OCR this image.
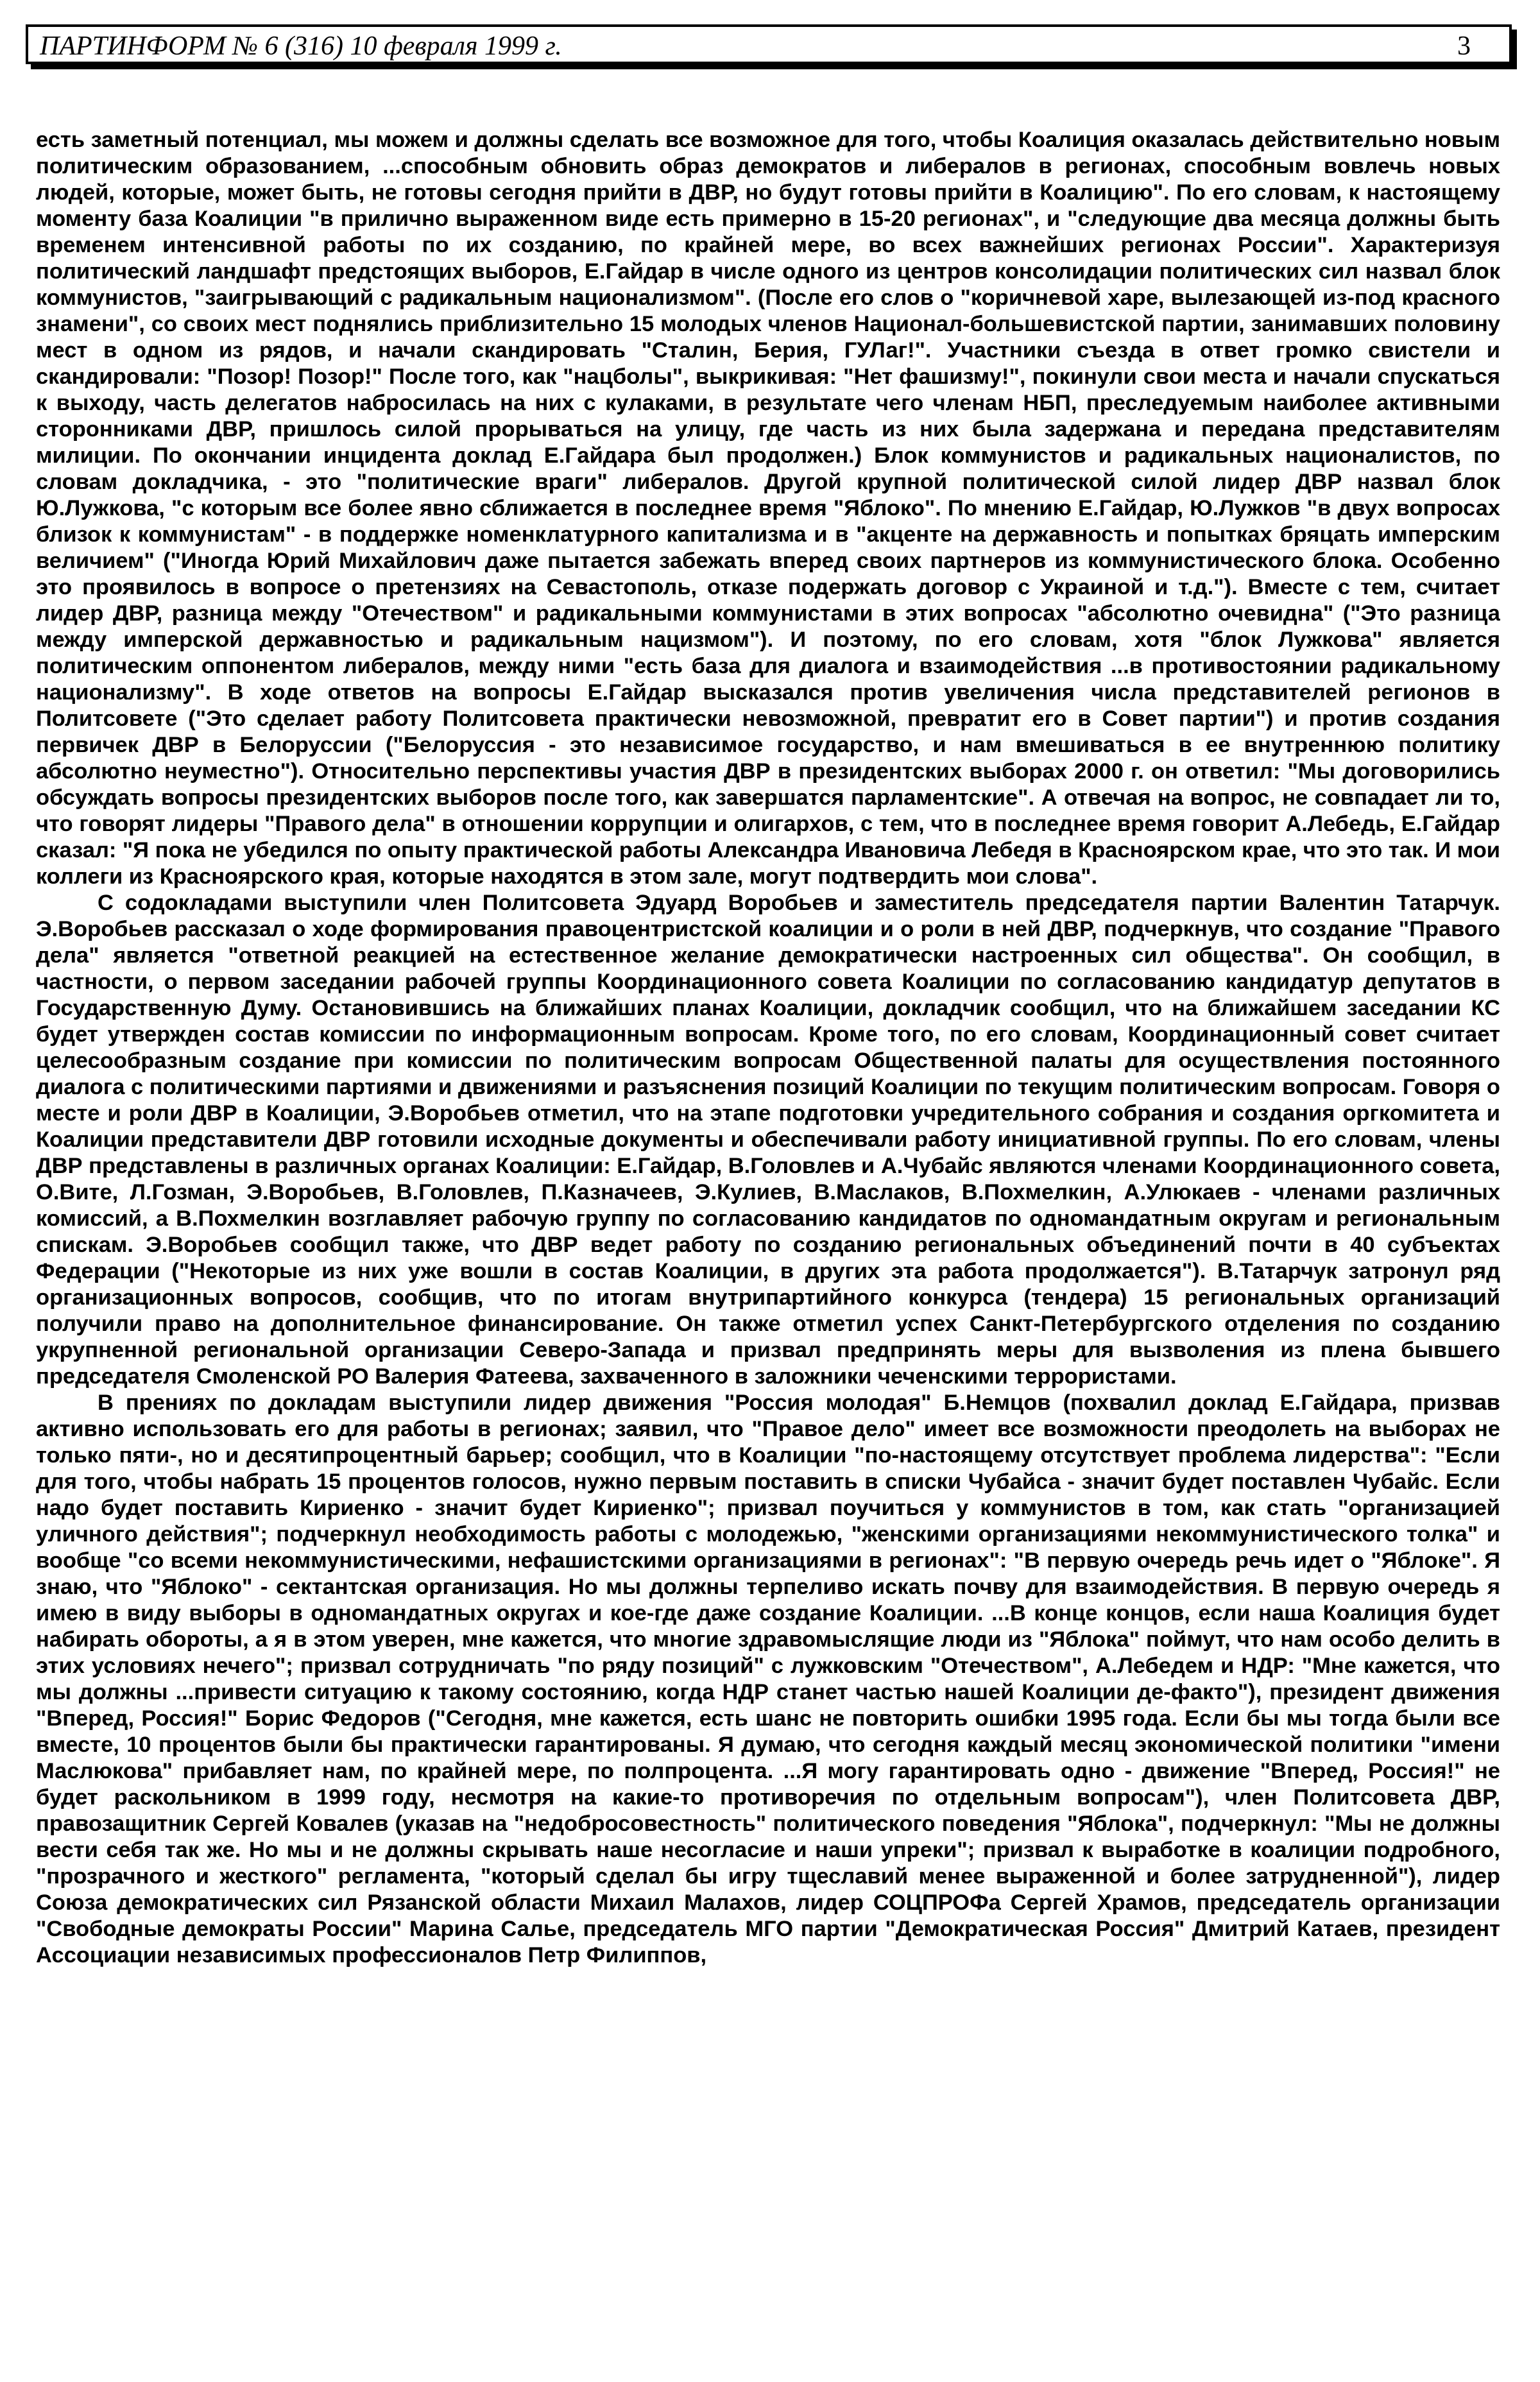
ПАРТИНФОРМ № 6 (316) 10 февраля 1999 г.	3

есть заметный потенциал, мы можем и должны сделать все возможное для того, чтобы Коалиция оказалась действительно новым политическим образованием, ...способным обновить образ демократов и либералов в регионах, способным вовлечь новых людей, которые, может быть, не готовы сегодня прийти в ДВР, но будут готовы прийти в Коалицию". По его словам, к настоящему моменту база Коалиции "в прилично выраженном виде есть примерно в 15-20 регионах", и "следующие два месяца должны быть временем интенсивной работы по их созданию, по крайней мере, во всех важнейших регионах России". Характеризуя политический ландшафт предстоящих выборов, Е.Гайдар в числе одного из центров консолидации политических сил назвал блок коммунистов, "заигрывающий с радикальным национализмом". (После его слов о "коричневой харе, вылезающей из-под красного знамени", со своих мест поднялись приблизительно 15 молодых членов Национал-большевистской партии, занимавших половину мест в одном из рядов, и начали скандировать "Сталин, Берия, ГУЛаг!". Участники съезда в ответ громко свистели и скандировали: "Позор! Позор!" После того, как "нацболы", выкрикивая: "Нет фашизму!", покинули свои места и начали спускаться к выходу, часть делегатов набросилась на них с кулаками, в результате чего членам НБП, преследуемым наиболее активными сторонниками ДВР, пришлось силой прорываться на улицу, где часть из них была задержана и передана представителям милиции. По окончании инцидента доклад Е.Гайдара был продолжен.) Блок коммунистов и радикальных националистов, по словам докладчика, - это "политические враги" либералов. Другой крупной политической силой лидер ДВР назвал блок Ю.Лужкова, "с которым все более явно сближается в последнее время "Яблоко". По мнению Е.Гайдар, Ю.Лужков "в двух вопросах близок к коммунистам" - в поддержке номенклатурного капитализма и в "акценте на державность и попытках бряцать имперским величием" ("Иногда Юрий Михайлович даже пытается забежать вперед своих партнеров из коммунистического блока. Особенно это проявилось в вопросе о претензиях на Севастополь, отказе подержать договор с Украиной и т.д."). Вместе с тем, считает лидер ДВР, разница между "Отечеством" и радикальными коммунистами в этих вопросах "абсолютно очевидна" ("Это разница между имперской державностью и радикальным нацизмом"). И поэтому, по его словам, хотя "блок Лужкова" является политическим оппонентом либералов, между ними "есть база для диалога и взаимодействия ...в противостоянии радикальному национализму". В ходе ответов на вопросы Е.Гайдар высказался против увеличения числа представителей регионов в Политсовете ("Это сделает работу Политсовета практически невозможной, превратит его в Совет партии") и против создания первичек ДВР в Белоруссии ("Белоруссия - это независимое государство, и нам вмешиваться в ее внутреннюю политику абсолютно неуместно"). Относительно перспективы участия ДВР в президентских выборах 2000 г. он ответил: "Мы договорились обсуждать вопросы президентских выборов после того, как завершатся парламентские". А отвечая на вопрос, не совпадает ли то, что говорят лидеры "Правого дела" в отношении коррупции и олигархов, с тем, что в последнее время говорит А.Лебедь, Е.Гайдар сказал: "Я пока не убедился по опыту практической работы Александра Ивановича Лебедя в Красноярском крае, что это так. И мои коллеги из Красноярского края, которые находятся в этом зале, могут подтвердить мои слова".

С содокладами выступили член Политсовета Эдуард Воробьев и заместитель председателя партии Валентин Татарчук. Э.Воробьев рассказал о ходе формирования правоцентристской коалиции и о роли в ней ДВР, подчеркнув, что создание "Правого дела" является "ответной реакцией на естественное желание демократически настроенных сил общества". Он сообщил, в частности, о первом заседании рабочей группы Координационного совета Коалиции по согласованию кандидатур депутатов в Государственную Думу. Остановившись на ближайших планах Коалиции, докладчик сообщил, что на ближайшем заседании КС будет утвержден состав комиссии по информационным вопросам. Кроме того, по его словам, Координационный совет считает целесообразным создание при комиссии по политическим вопросам Общественной палаты для осуществления постоянного диалога с политическими партиями и движениями и разъяснения позиций Коалиции по текущим политическим вопросам. Говоря о месте и роли ДВР в Коалиции, Э.Воробьев отметил, что на этапе подготовки учредительного собрания и создания оргкомитета и Коалиции представители ДВР готовили исходные документы и обеспечивали работу инициативной группы. По его словам, члены ДВР представлены в различных органах Коалиции: Е.Гайдар, В.Головлев и А.Чубайс являются членами Координационного совета, О.Вите, Л.Гозман, Э.Воробьев, В.Головлев, П.Казначеев, Э.Кулиев, В.Маслаков, В.Похмелкин, А.Улюкаев - членами различных комиссий, а В.Похмелкин возглавляет рабочую группу по согласованию кандидатов по одномандатным округам и региональным спискам. Э.Воробьев сообщил также, что ДВР ведет работу по созданию региональных объединений почти в 40 субъектах Федерации ("Некоторые из них уже вошли в состав Коалиции, в других эта работа продолжается"). В.Татарчук затронул ряд организационных вопросов, сообщив, что по итогам внутрипартийного конкурса (тендера) 15 региональных организаций получили право на дополнительное финансирование. Он также отметил успех Санкт-Петербургского отделения по созданию укрупненной региональной организации Северо-Запада и призвал предпринять меры для вызволения из плена бывшего председателя Смоленской РО Валерия Фатеева, захваченного в заложники чеченскими террористами.

В прениях по докладам выступили лидер движения "Россия молодая" Б.Немцов (похвалил доклад Е.Гайдара, призвав активно использовать его для работы в регионах; заявил, что "Правое дело" имеет все возможности преодолеть на выборах не только пяти-, но и десятипроцентный барьер; сообщил, что в Коалиции "по-настоящему отсутствует проблема лидерства": "Если для того, чтобы набрать 15 процентов голосов, нужно первым поставить в списки Чубайса - значит будет поставлен Чубайс. Если надо будет поставить Кириенко - значит будет Кириенко"; призвал поучиться у коммунистов в том, как стать "организацией уличного действия"; подчеркнул необходимость работы с молодежью, "женскими организациями некоммунистического толка" и вообще "со всеми некоммунистическими, нефашистскими организациями в регионах": "В первую очередь речь идет о "Яблоке". Я знаю, что "Яблоко" - сектантская организация. Но мы должны терпеливо искать почву для взаимодействия. В первую очередь я имею в виду выборы в одномандатных округах и кое-где даже создание Коалиции. ...В конце концов, если наша Коалиция будет набирать обороты, а я в этом уверен, мне кажется, что многие здравомыслящие люди из "Яблока" поймут, что нам особо делить в этих условиях нечего"; призвал сотрудничать "по ряду позиций" с лужковским "Отечеством", А.Лебедем и НДР: "Мне кажется, что мы должны ...привести ситуацию к такому состоянию, когда НДР станет частью нашей Коалиции де-факто"), президент движения "Вперед, Россия!" Борис Федоров ("Сегодня, мне кажется, есть шанс не повторить ошибки 1995 года. Если бы мы тогда были все вместе, 10 процентов были бы практически гарантированы. Я думаю, что сегодня каждый месяц экономической политики "имени Маслюкова" прибавляет нам, по крайней мере, по полпроцента. ...Я могу гарантировать одно - движение "Вперед, Россия!" не будет раскольником в 1999 году, несмотря на какие-то противоречия по отдельным вопросам"), член Политсовета ДВР, правозащитник Сергей Ковалев (указав на "недобросовестность" политического поведения "Яблока", подчеркнул: "Мы не должны вести себя так же. Но мы и не должны скрывать наше несогласие и наши упреки"; призвал к выработке в коалиции подробного, "прозрачного и жесткого" регламента, "который сделал бы игру тщеславий менее выраженной и более затрудненной"), лидер Союза демократических сил Рязанской области Михаил Малахов, лидер СОЦПРОФа Сергей Храмов, председатель организации "Свободные демократы России" Марина Салье, председатель МГО партии "Демократическая Россия" Дмитрий Катаев, президент Ассоциации независимых профессионалов Петр Филиппов,
